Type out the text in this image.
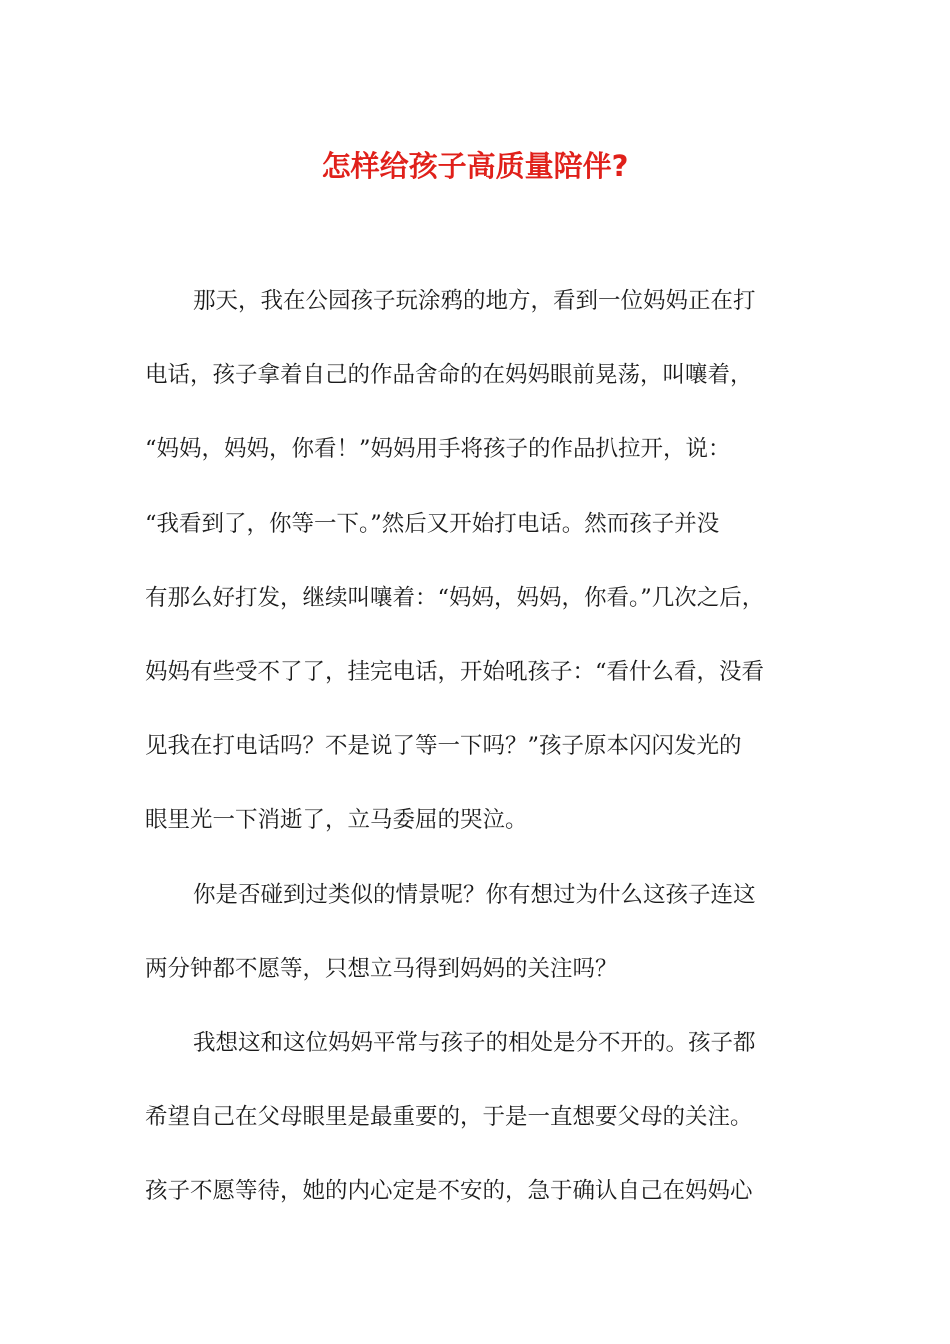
怎样给孩子高质量陪伴?
那天，我在公园孩子玩涂鸦的地方，看到一位妈妈正在打
电话，孩子拿着自己的作品舍命的在妈妈眼前晃荡，叫嚷着，
“妈妈，妈妈，你看！”妈妈用手将孩子的作品扒拉开，说：
“我看到了，你等一下。”然后又开始打电话。然而孩子并没
有那么好打发，继续叫嚷着：“妈妈，妈妈，你看。”几次之后，
妈妈有些受不了了，挂完电话，开始吼孩子：“看什么看，没看
见我在打电话吗？不是说了等一下吗？”孩子原本闪闪发光的
眼里光一下消逝了，立马委屈的哭泣。
你是否碰到过类似的情景呢？你有想过为什么这孩子连这
两分钟都不愿等，只想立马得到妈妈的关注吗？
我想这和这位妈妈平常与孩子的相处是分不开的。孩子都
希望自己在父母眼里是最重要的，于是一直想要父母的关注。
孩子不愿等待，她的内心定是不安的，急于确认自己在妈妈心
